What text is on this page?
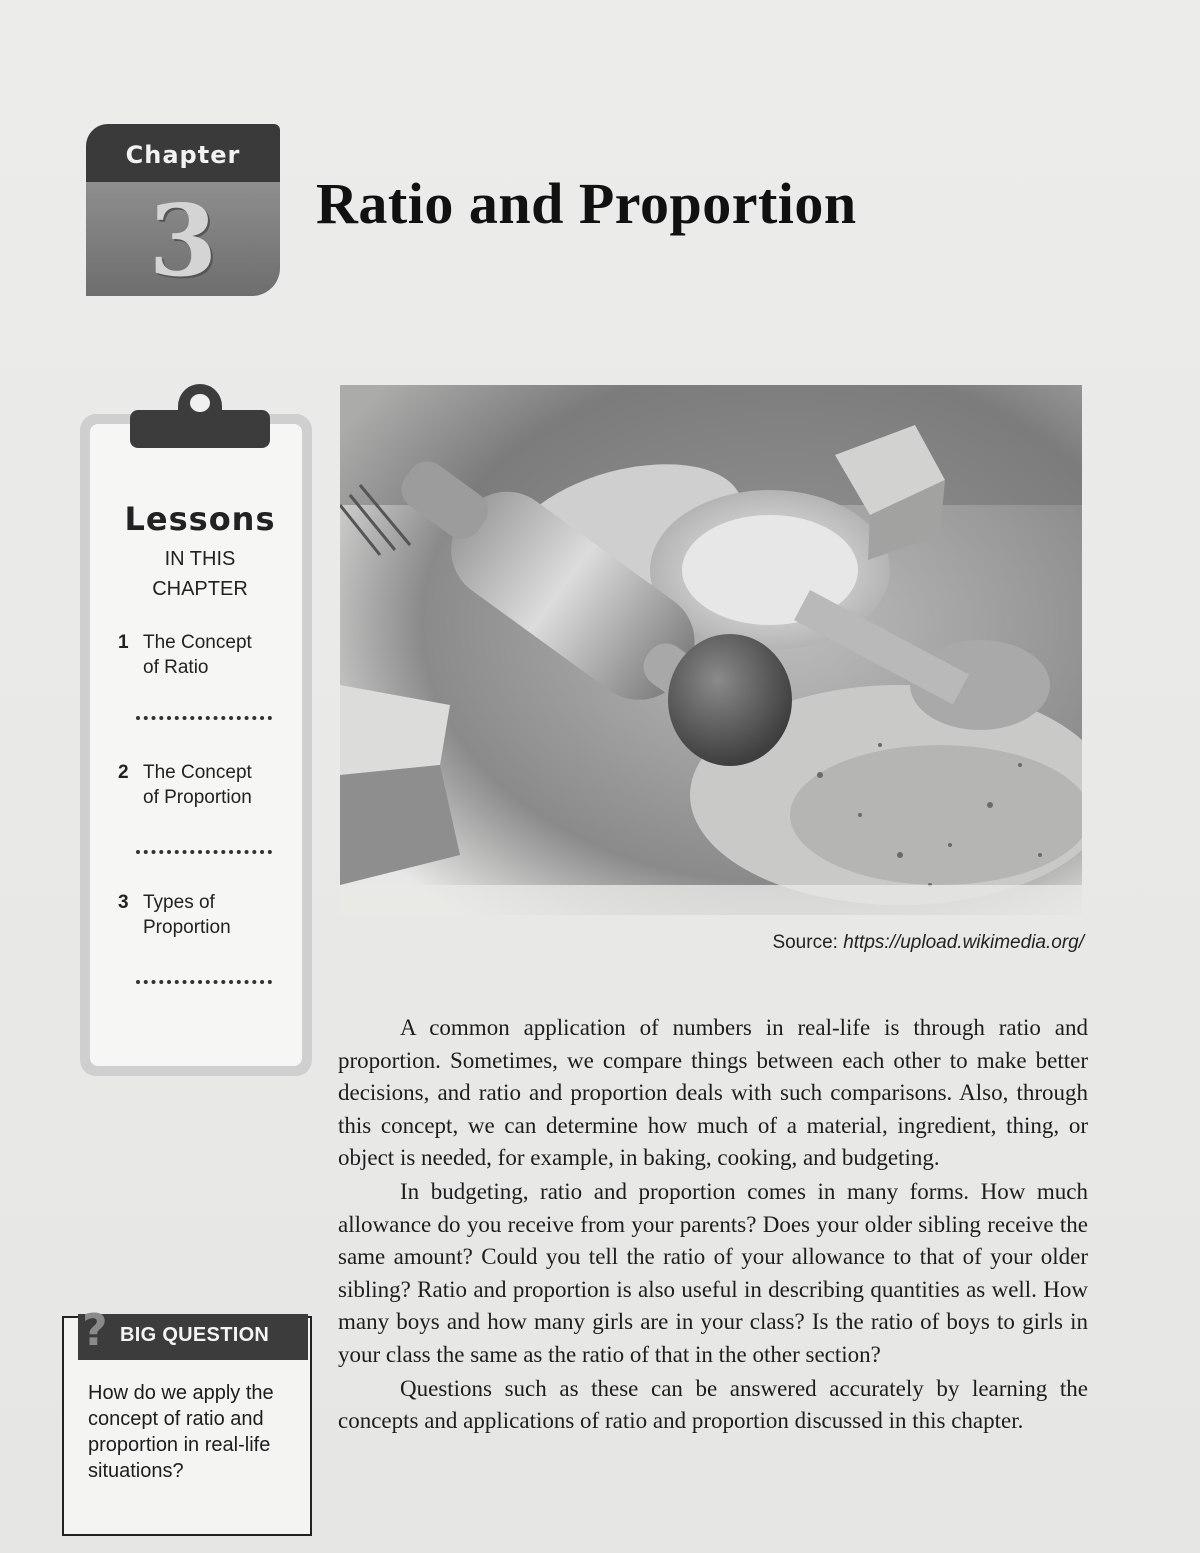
Chapter
3	Ratio and Proportion
Lessons
IN THIS
CHAPTER
1 The Concept
of Ratio
2 The Concept
of Proportion
3 Types of
Proportion
Source: https://upload.wikimedia.org/

A common application of numbers in real-life is through ratio and proportion. Sometimes, we compare things between each other to make better decisions, and ratio and proportion deals with such comparisons. Also, through this concept, we can determine how much of a material, ingredient, thing, or object is needed, for example, in baking, cooking, and budgeting.

In budgeting, ratio and proportion comes in many forms. How much allowance do you receive from your parents? Does your older sibling receive the same amount? Could you tell the ratio of your allowance to that of your older sibling? Ratio and proportion is also useful in describing quantities as well. How many boys and how many girls are in your class? Is the ratio of boys to girls in your class the same as the ratio of that in the other section?

Questions such as these can be answered accurately by learning the concepts and applications of ratio and proportion discussed in this chapter.

? BIG QUESTION
How do we apply the concept of ratio and proportion in real-life situations?
